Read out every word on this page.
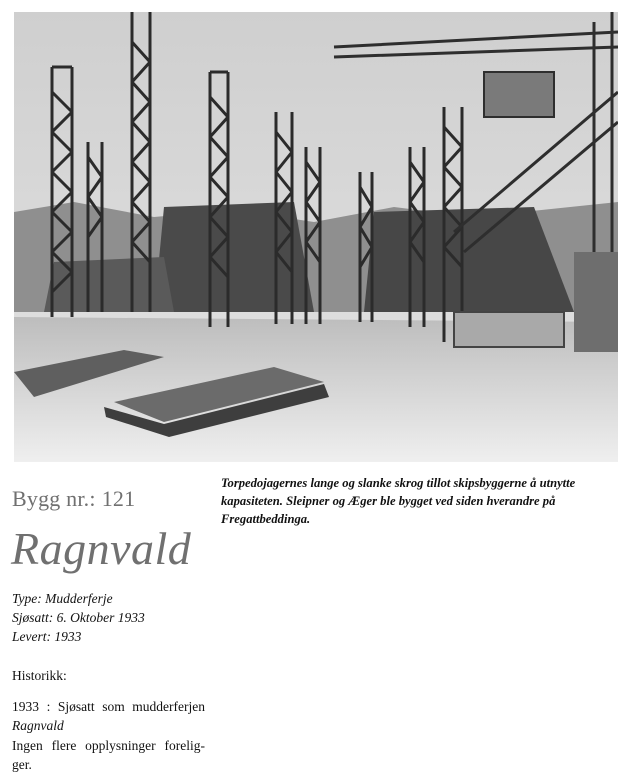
Torpedojagernes lange og slanke skrog tillot skipsbyggerne å utnytte kapasiteten. Sleipner og Æger ble bygget ved siden hverandre på Fregattbeddinga.
Bygg nr.: 121
Ragnvald
Type: Mudderferje
Sjøsatt: 6. Oktober 1933
Levert: 1933
Historikk:
1933 : Sjøsatt som mudderferjen
Ragnvald
Ingen flere opplysninger forelig-
ger.
